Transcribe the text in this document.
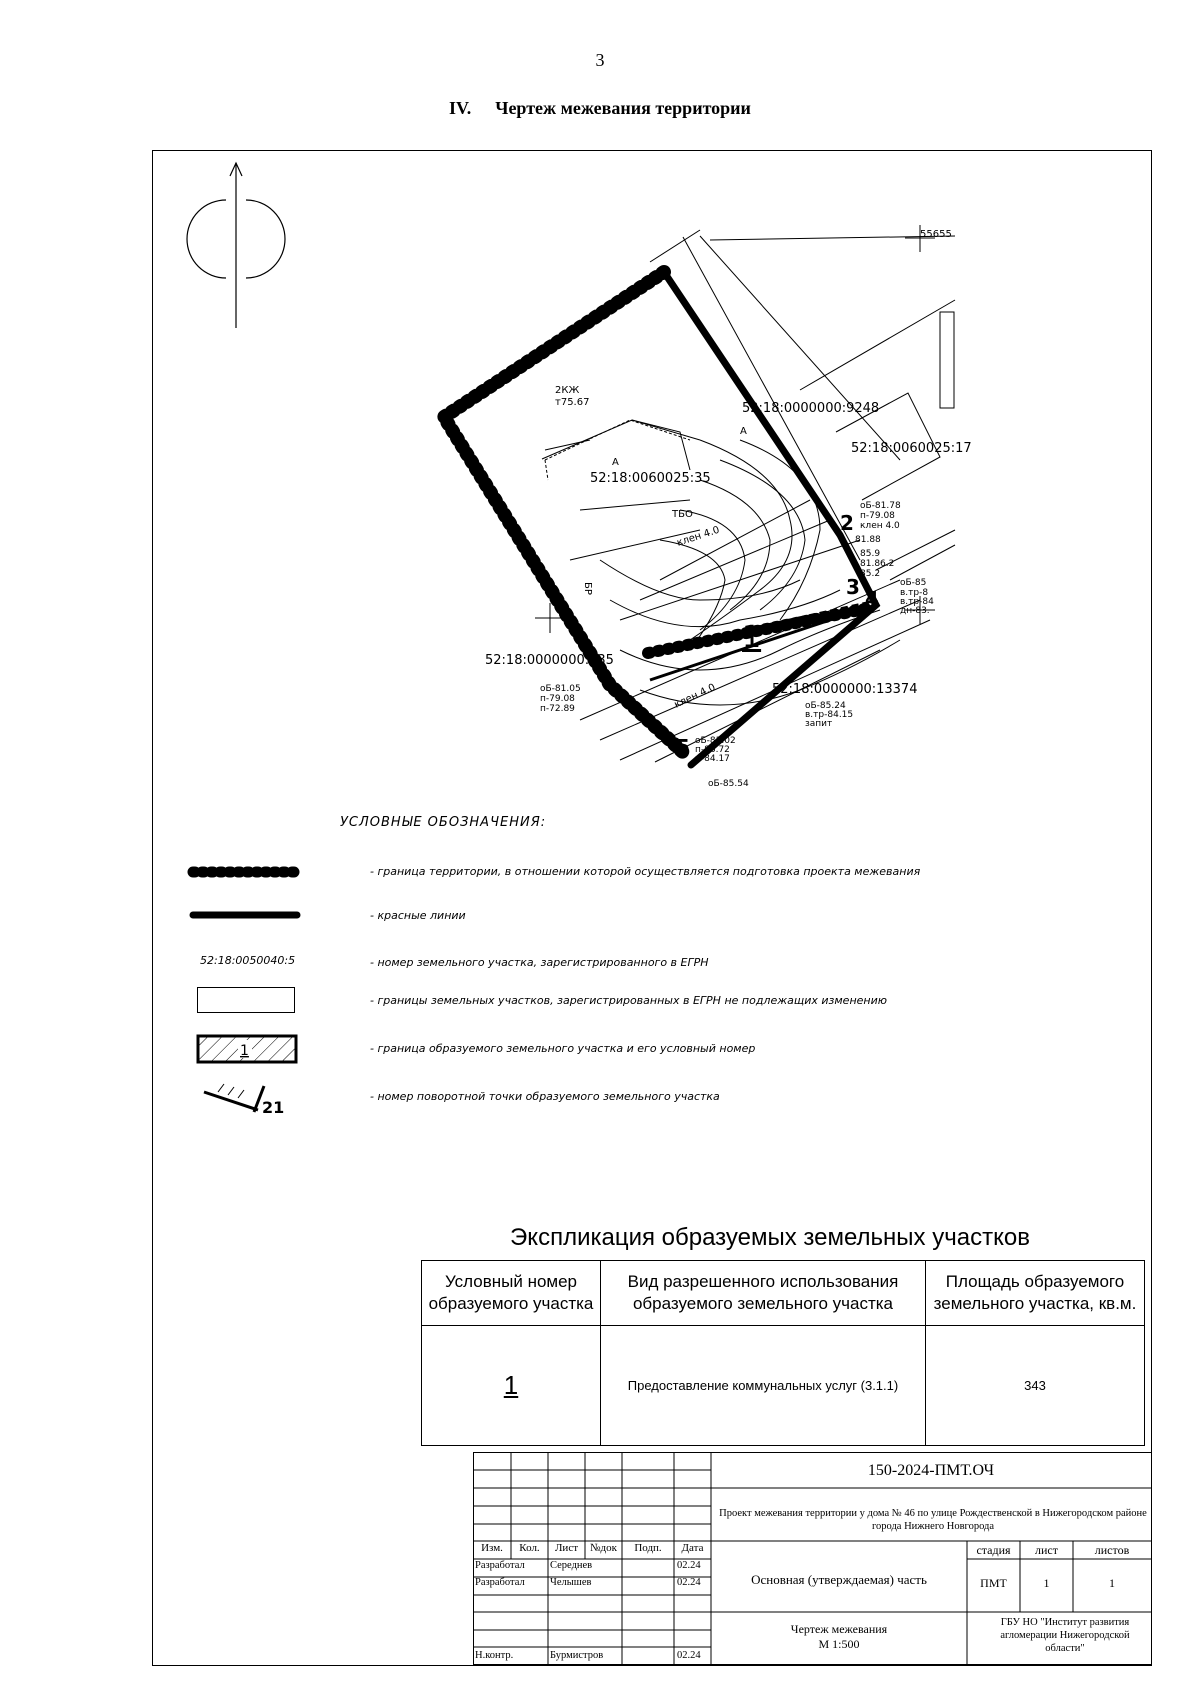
3
IV. Чертеж межевания территории
52:18:0060025:35
52:18:0000000:9248
52:18:0060025:17
52:18:0000000:135
52:18:0000000:13374
55655
2КЖ
т75.67
А
А
ТБО
клен 4.0
клен 4.0
БР
оБ-81.78
п-79.08
клен 4.0
81.88
85.9
81.86.2
85.2
оБ-85
в.тр-8
в.тр-84
дн-83.
оБ-81.05
п-79.08
п-72.89
оБ-83.02
п-86.72
п-84.17
оБ-85.24
в.тр-84.15
запит
оБ-85.54
1
2
3 4
5
УСЛОВНЫЕ ОБОЗНАЧЕНИЯ:
- граница территории, в отношении которой осуществляется подготовка проекта межевания
- красные линии
52:18:0050040:5	- номер земельного участка, зарегистрированного в ЕГРН
- границы земельных участков, зарегистрированных в ЕГРН не подлежащих изменению
1	- граница образуемого земельного участка и его условный номер
21
- номер поворотной точки образуемого земельного участка
Экспликация образуемых земельных участков
Условный номер образуемого участка	Вид разрешенного использования образуемого земельного участка	Площадь образуемого земельного участка, кв.м.
1	Предоставление коммунальных услуг (3.1.1)	343
150-2024-ПМТ.ОЧ
Проект межевания территории у дома № 46 по улице Рождественской в Нижегородском районе города Нижнего Новгорода
Изм.	Кол.	Лист	№док	Подп.	Дата
Разработал Середнев	02.24
Разработал Челышев	02.24
Н.контр.	Бурмистров	02.24
Основная (утверждаемая) часть
стадия	лист	листов
ПМТ	1	1
Чертеж межевания
М 1:500
ГБУ НО "Институт развития агломерации Нижегородской области"
